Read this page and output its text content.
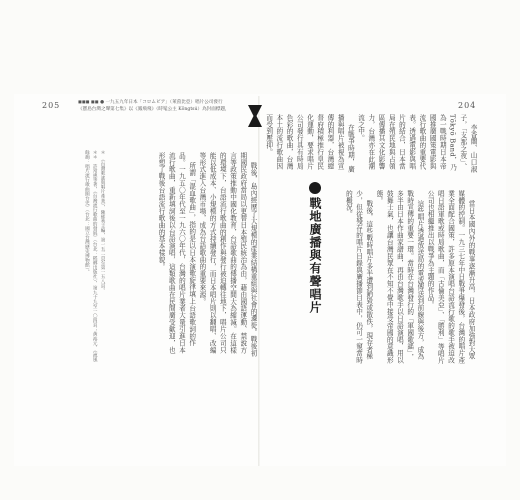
205	◼◼◼ ◼◼ ● 一九五九年日本「コロムビア」（萊茵比亞）唱片公司發行
《寶島台灣之聲第七集》以《鳳飛飛》（時髦公主 Kōngtsú）為封面標題，
戰後，島內經歷了大規模的產業結構重組與社會的遷徙。戰後初期國民政府當局以更替日本殖民統治為由，藉由國語運動、禁說方言等政策推動中國化教育，台語歌曲的傳播空間大為縮減。在這樣的環境下，台語流行歌曲的創作與發行被迫轉往地下，唱片公司只能以低成本、小規模的方式持續發行，而日本唱片則以翻唱、改編等形式進入台灣市場，成為台語歌曲的重要來源。
所謂「混血歌曲」，指的是以日本演歌旋律填上台語歌詞的作品。一九五〇年代至一九六〇年代，台灣的唱片業者大量引進日本流行歌曲，重新填詞後以台語演唱，這類歌曲在民間廣受歡迎，也形塑了戰後台語流行歌曲的基本樣貌。
＊　《台灣歌謠與唱片產業》，陳郁秀主編，第一五二頁至第一五八頁。
＊＊　許常惠等著，《台灣流行歌曲的發展》（台北：稻鄉出版社），第九十九至一〇四頁；黃裕元，《流風餘韻：唱片流行歌曲開台史》（台北：國立台灣歷史博物館）。
204
李香蘭、山口淑子，「支那之夜」、Tōkyō Band，乃為一戰時期日本帝國推廣國策電影與流行歌曲的重要代表。透過電影與唱片的結合，日本當局在殖民地與占領區傳播其文化影響力，台灣亦在此潮流之中。
在戰爭時期，廣播與唱片被視為宣傳的利器，台灣總督府積極推行皇民化運動，要求唱片公司發行具有時局色彩的歌曲，台灣本土的流行歌曲因而受到壓抑。
戰地廣播與有聲唱片	當日本國內外的戰事逐漸升高，日本政府加強對大眾媒體的控制。一九三七年中日戰爭爆發後，台灣的唱片產業全面配合國策，許多原本演唱台語流行歌的歌手被迫改唱日語軍歌或時局歌曲，而「古倫美亞」、「勝利」等唱片公司也相繼推出以戰爭為主題的作品。
這些唱片透過放送局的電波傳送到前線與後方，成為戰時宣傳的重要一環。當時在台灣發行的「軍國歌謠」，多半由日本作曲家譜曲，再由台灣歌手以日語演唱，用以鼓舞士氣，也讓台灣民眾在不知不覺中接受帝國的意識形態。
戰後，這些戰時唱片多半遭到銷毀或散佚，現存者極少，但從殘存的唱片目錄與廣播節目表中，仍可一窺當時的概況。
